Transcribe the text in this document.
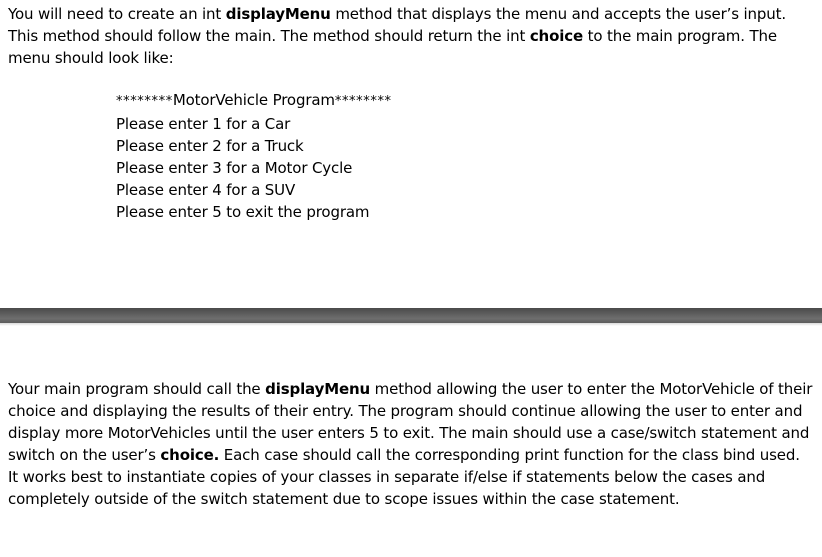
You will need to create an int displayMenu method that displays the menu and accepts the user’s input. This method should follow the main. The method should return the int choice to the main program. The menu should look like:

********MotorVehicle Program********
Please enter 1 for a Car
Please enter 2 for a Truck
Please enter 3 for a Motor Cycle
Please enter 4 for a SUV
Please enter 5 to exit the program

Your main program should call the displayMenu method allowing the user to enter the MotorVehicle of their choice and displaying the results of their entry. The program should continue allowing the user to enter and display more MotorVehicles until the user enters 5 to exit. The main should use a case/switch statement and switch on the user’s choice. Each case should call the corresponding print function for the class bind used. It works best to instantiate copies of your classes in separate if/else if statements below the cases and completely outside of the switch statement due to scope issues within the case statement.
